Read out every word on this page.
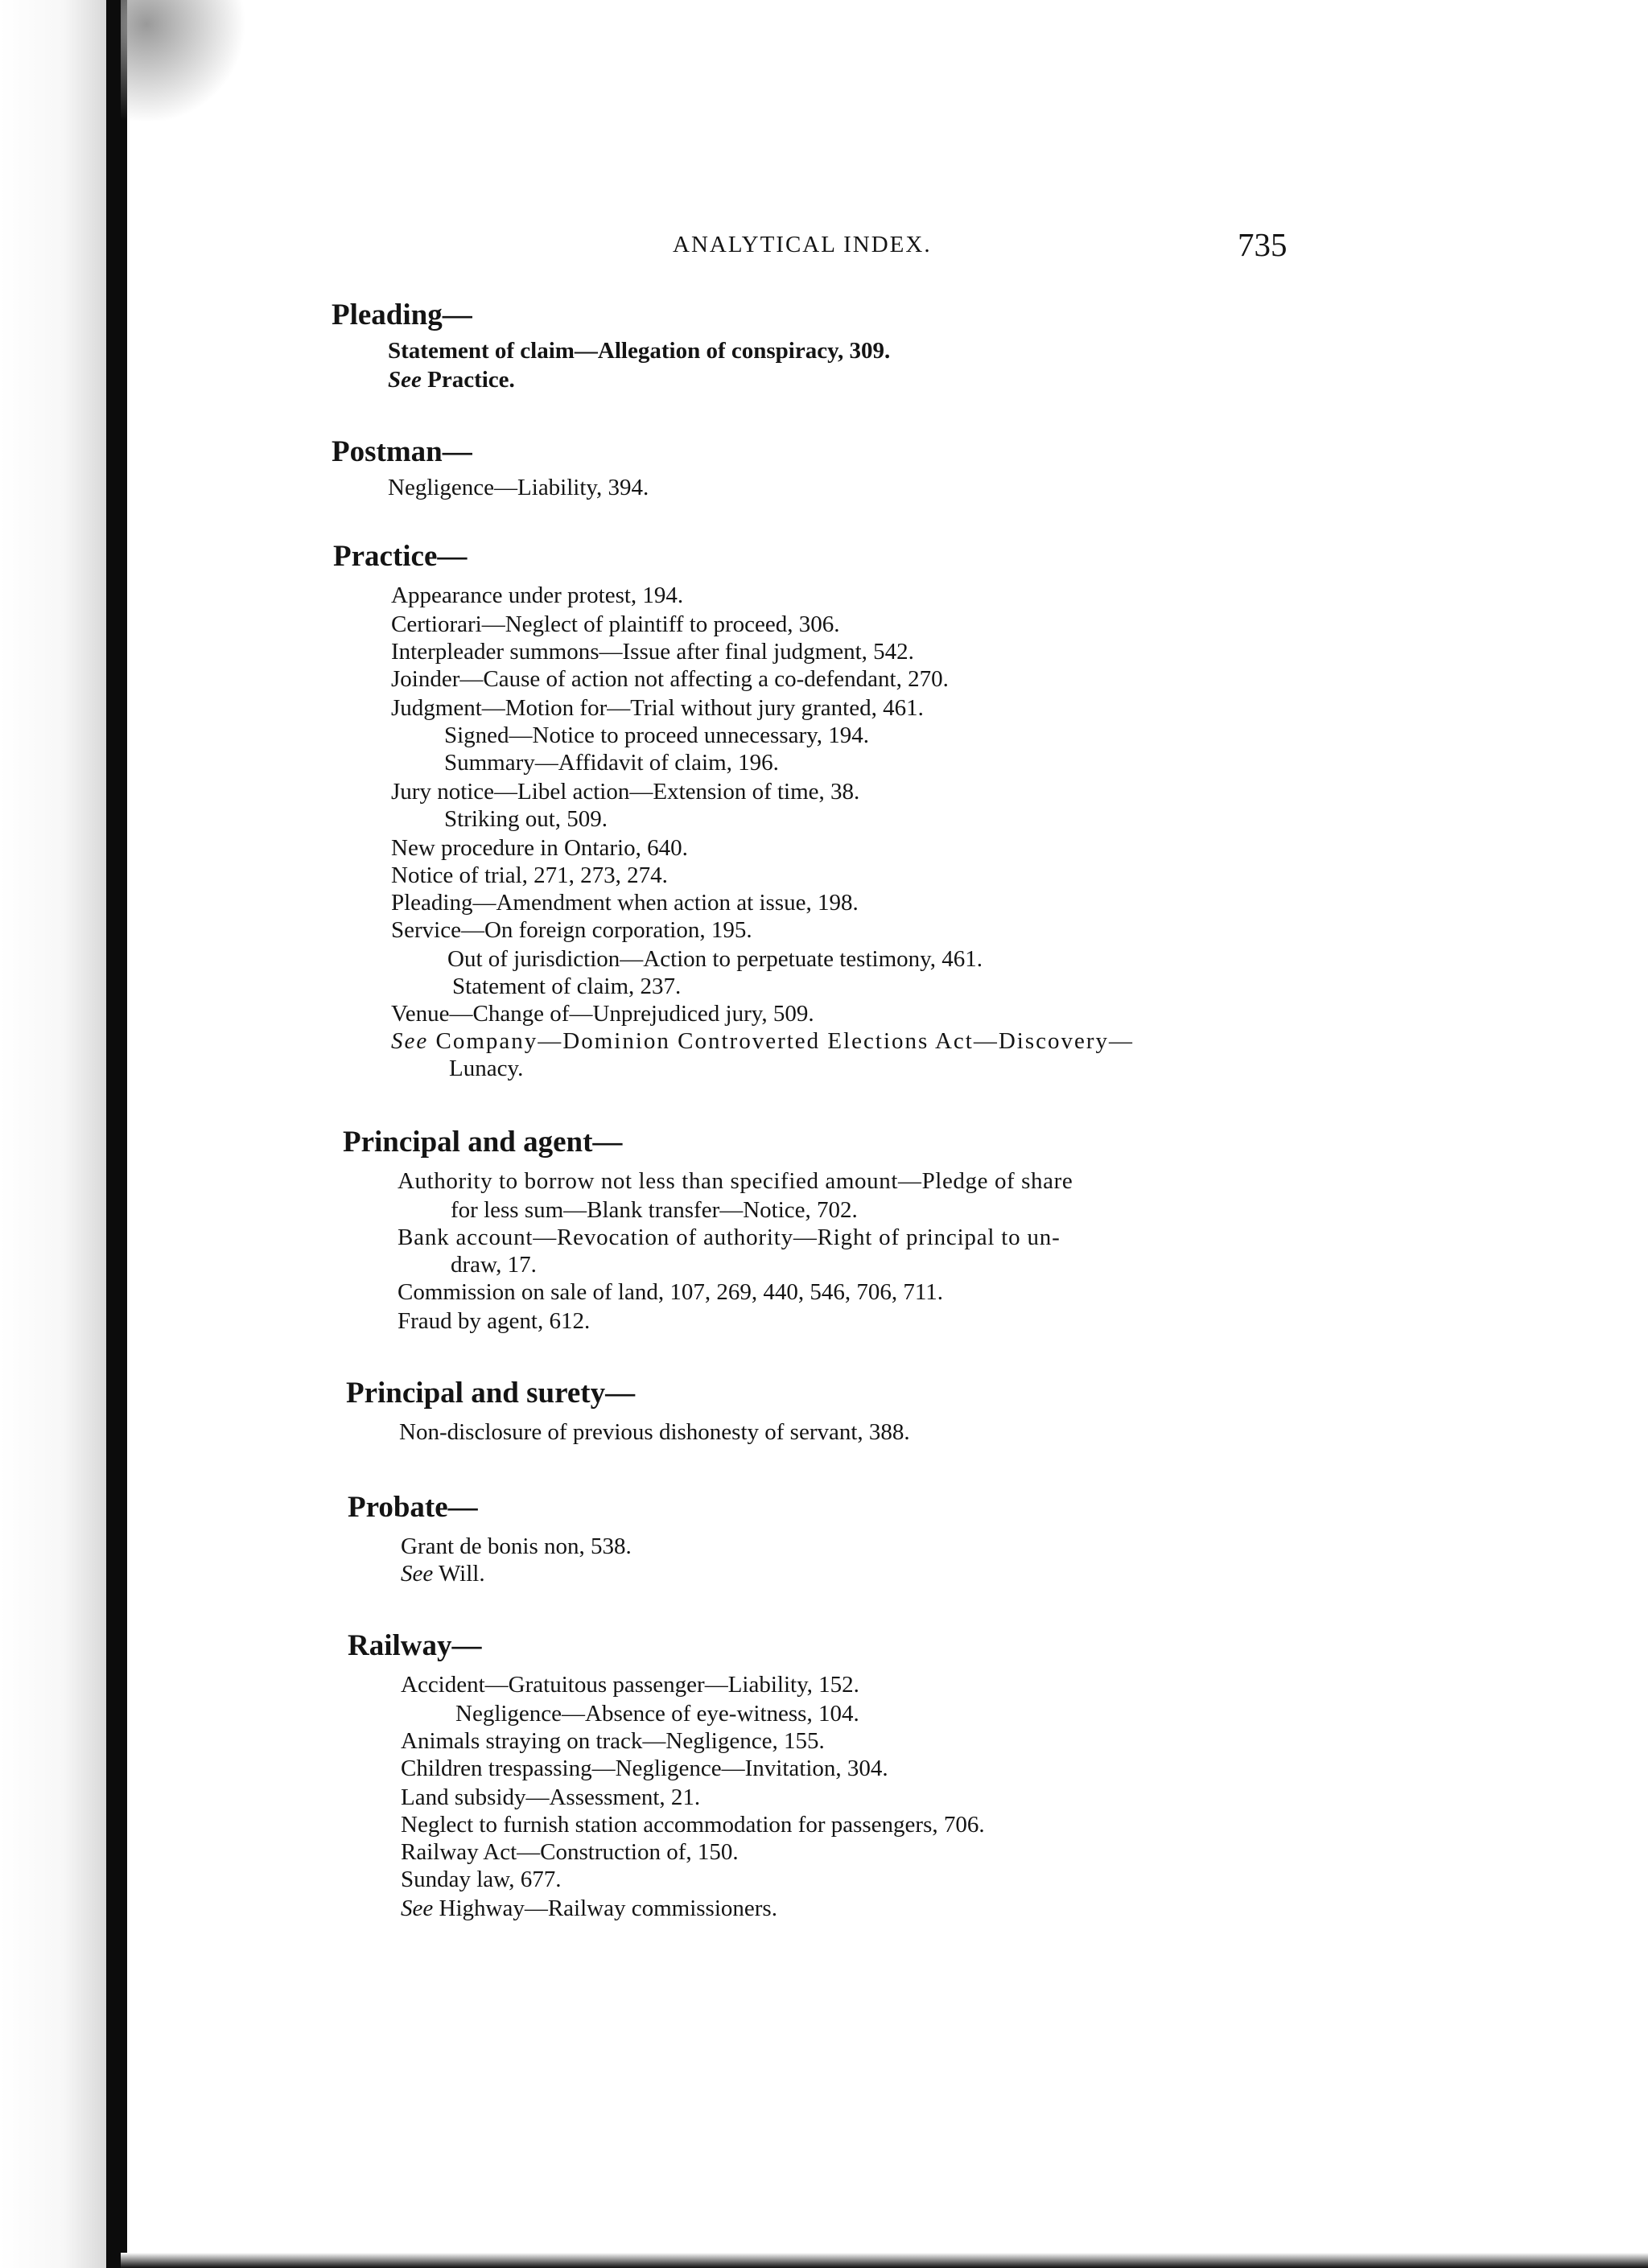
ANALYTICAL INDEX.	735
Pleading—
Statement of claim—Allegation of conspiracy, 309.
See Practice.
Postman—
Negligence—Liability, 394.
Practice—
Appearance under protest, 194.
Certiorari—Neglect of plaintiff to proceed, 306.
Interpleader summons—Issue after final judgment, 542.
Joinder—Cause of action not affecting a co-defendant, 270.
Judgment—Motion for—Trial without jury granted, 461.
Signed—Notice to proceed unnecessary, 194.
Summary—Affidavit of claim, 196.
Jury notice—Libel action—Extension of time, 38.
Striking out, 509.
New procedure in Ontario, 640.
Notice of trial, 271, 273, 274.
Pleading—Amendment when action at issue, 198.
Service—On foreign corporation, 195.
Out of jurisdiction—Action to perpetuate testimony, 461.
Statement of claim, 237.
Venue—Change of—Unprejudiced jury, 509.
See Company—Dominion Controverted Elections Act—Discovery—
Lunacy.
Principal and agent—
Authority to borrow not less than specified amount—Pledge of share
for less sum—Blank transfer—Notice, 702.
Bank account—Revocation of authority—Right of principal to un-
draw, 17.
Commission on sale of land, 107, 269, 440, 546, 706, 711.
Fraud by agent, 612.
Principal and surety—
Non-disclosure of previous dishonesty of servant, 388.
Probate—
Grant de bonis non, 538.
See Will.
Railway—
Accident—Gratuitous passenger—Liability, 152.
Negligence—Absence of eye-witness, 104.
Animals straying on track—Negligence, 155.
Children trespassing—Negligence—Invitation, 304.
Land subsidy—Assessment, 21.
Neglect to furnish station accommodation for passengers, 706.
Railway Act—Construction of, 150.
Sunday law, 677.
See Highway—Railway commissioners.
